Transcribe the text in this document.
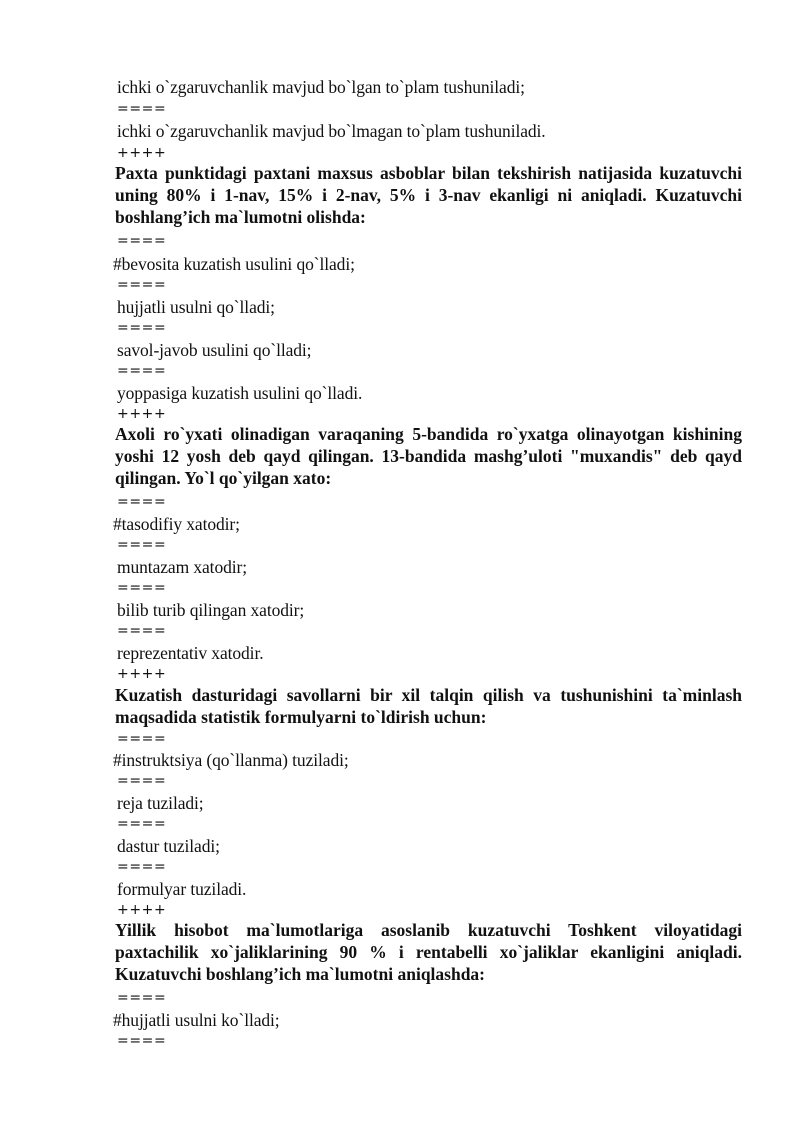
ichki o`zgaruvchanlik mavjud bo`lgan to`plam tushuniladi;
====
ichki o`zgaruvchanlik mavjud bo`lmagan to`plam tushuniladi.
++++
Paxta punktidagi paxtani maxsus asboblar bilan tekshirish natijasida kuzatuvchi uning 80% i 1-nav, 15% i 2-nav, 5% i 3-nav ekanligi ni aniqladi. Kuzatuvchi boshlang’ich ma`lumotni olishda:
====
#bevosita kuzatish usulini qo`lladi;
====
hujjatli usulni qo`lladi;
====
savol-javob usulini qo`lladi;
====
yoppasiga kuzatish usulini qo`lladi.
++++
Axoli ro`yxati olinadigan varaqaning 5-bandida ro`yxatga olinayotgan kishining yoshi 12 yosh deb qayd qilingan. 13-bandida mashg’uloti "muxandis" deb qayd qilingan. Yo`l qo`yilgan xato:
====
#tasodifiy xatodir;
====
muntazam xatodir;
====
bilib turib qilingan xatodir;
====
reprezentativ xatodir.
++++
Kuzatish dasturidagi savollarni bir xil talqin qilish va tushunishini ta`minlash maqsadida statistik formulyarni to`ldirish uchun:
====
#instruktsiya (qo`llanma) tuziladi;
====
reja tuziladi;
====
dastur tuziladi;
====
formulyar tuziladi.
++++
Yillik hisobot ma`lumotlariga asoslanib kuzatuvchi Toshkent viloyatidagi paxtachilik xo`jaliklarining 90 % i rentabelli xo`jaliklar ekanligini aniqladi. Kuzatuvchi boshlang’ich ma`lumotni aniqlashda:
====
#hujjatli usulni ko`lladi;
====
